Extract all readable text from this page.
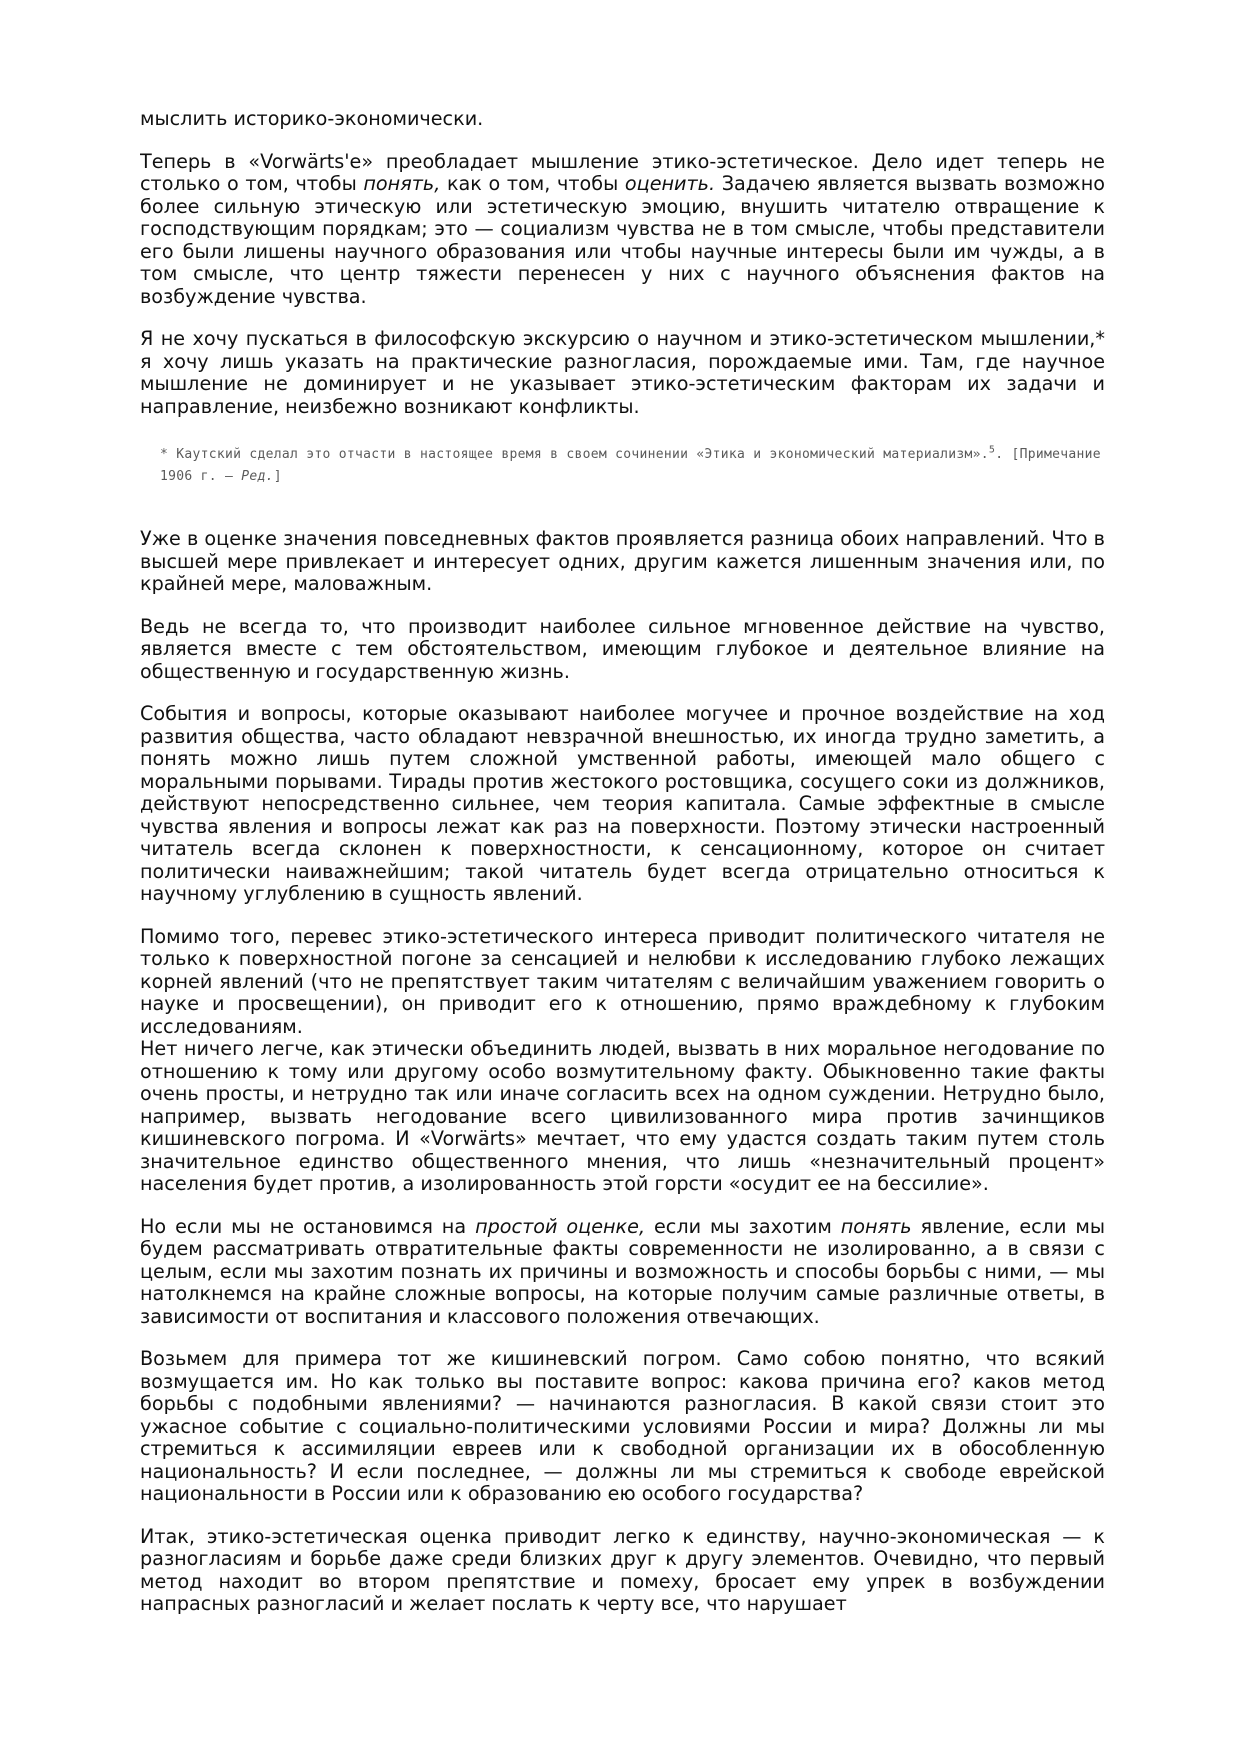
мыслить историко-экономически.

Теперь в «Vorwärts'е» преобладает мышление этико-эстетическое. Дело идет теперь не столько о том, чтобы понять, как о том, чтобы оценить. Задачею является вызвать возможно более сильную этическую или эстетическую эмоцию, внушить читателю отвращение к господствующим порядкам; это — социализм чувства не в том смысле, чтобы представители его были лишены научного образования или чтобы научные интересы были им чужды, а в том смысле, что центр тяжести перенесен у них с научного объяснения фактов на возбуждение чувства.

Я не хочу пускаться в философскую экскурсию о научном и этико-эстетическом мышлении,* я хочу лишь указать на практические разногласия, порождаемые ими. Там, где научное мышление не доминирует и не указывает этико-эстетическим факторам их задачи и направление, неизбежно возникают конфликты.

* Каутский сделал это отчасти в настоящее время в своем сочинении «Этика и экономический материализм».$^5$. [Примечание 1906 г. – Ред.]

Уже в оценке значения повседневных фактов проявляется разница обоих направлений. Что в высшей мере привлекает и интересует одних, другим кажется лишенным значения или, по крайней мере, маловажным.

Ведь не всегда то, что производит наиболее сильное мгновенное действие на чувство, является вместе с тем обстоятельством, имеющим глубокое и деятельное влияние на общественную и государственную жизнь.

События и вопросы, которые оказывают наиболее могучее и прочное воздействие на ход развития общества, часто обладают невзрачной внешностью, их иногда трудно заметить, а понять можно лишь путем сложной умственной работы, имеющей мало общего с моральными порывами. Тирады против жестокого ростовщика, сосущего соки из должников, действуют непосредственно сильнее, чем теория капитала. Самые эффектные в смысле чувства явления и вопросы лежат как раз на поверхности. Поэтому этически настроенный читатель всегда склонен к поверхностности, к сенсационному, которое он считает политически наиважнейшим; такой читатель будет всегда отрицательно относиться к научному углублению в сущность явлений.

Помимо того, перевес этико-эстетического интереса приводит политического читателя не только к поверхностной погоне за сенсацией и нелюбви к исследованию глубоко лежащих корней явлений (что не препятствует таким читателям с величайшим уважением говорить о науке и просвещении), он приводит его к отношению, прямо враждебному к глубоким исследованиям.

Нет ничего легче, как этически объединить людей, вызвать в них моральное негодование по отношению к тому или другому особо возмутительному факту. Обыкновенно такие факты очень просты, и нетрудно так или иначе согласить всех на одном суждении. Нетрудно было, например, вызвать негодование всего цивилизованного мира против зачинщиков кишиневского погрома. И «Vorwärts» мечтает, что ему удастся создать таким путем столь значительное единство общественного мнения, что лишь «незначительный процент» населения будет против, а изолированность этой горсти «осудит ее на бессилие».

Но если мы не остановимся на простой оценке, если мы захотим понять явление, если мы будем рассматривать отвратительные факты современности не изолированно, а в связи с целым, если мы захотим познать их причины и возможность и способы борьбы с ними, — мы натолкнемся на крайне сложные вопросы, на которые получим самые различные ответы, в зависимости от воспитания и классового положения отвечающих.

Возьмем для примера тот же кишиневский погром. Само собою понятно, что всякий возмущается им. Но как только вы поставите вопрос: какова причина его? каков метод борьбы с подобными явлениями? — начинаются разногласия. В какой связи стоит это ужасное событие с социально-политическими условиями России и мира? Должны ли мы стремиться к ассимиляции евреев или к свободной организации их в обособленную национальность? И если последнее, — должны ли мы стремиться к свободе еврейской национальности в России или к образованию ею особого государства?

Итак, этико-эстетическая оценка приводит легко к единству, научно-экономическая — к разногласиям и борьбе даже среди близких друг к другу элементов. Очевидно, что первый метод находит во втором препятствие и помеху, бросает ему упрек в возбуждении напрасных разногласий и желает послать к черту все, что нарушает
